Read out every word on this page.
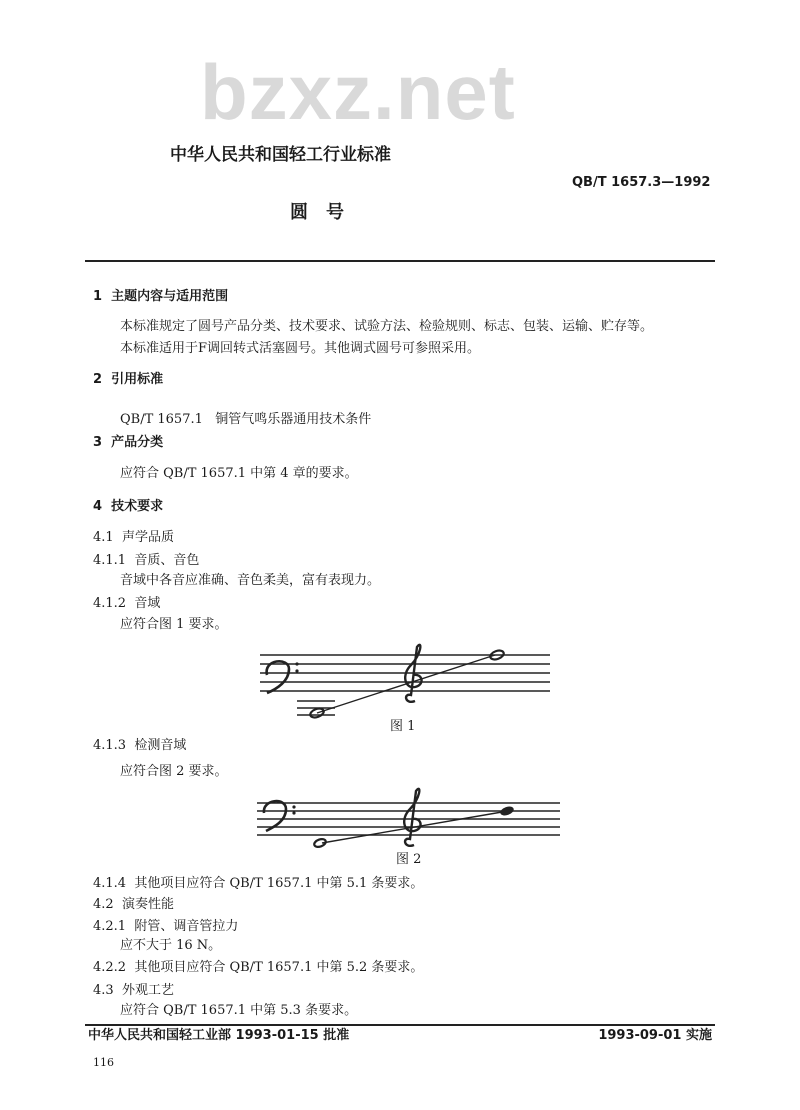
bzxz.net
中华人民共和国轻工行业标准
QB/T 1657.3—1992
圆　号
1 主题内容与适用范围
本标准规定了圆号产品分类、技术要求、试验方法、检验规则、标志、包装、运输、贮存等。
本标准适用于F调回转式活塞圆号。其他调式圆号可参照采用。
2 引用标准
QB/T 1657.1 铜管气鸣乐器通用技术条件
3 产品分类
应符合 QB/T 1657.1 中第 4 章的要求。
4 技术要求
4.1 声学品质
4.1.1 音质、音色
音域中各音应准确、音色柔美，富有表现力。
4.1.2 音域
应符合图 1 要求。
图 1
4.1.3 检测音域
应符合图 2 要求。
图 2
4.1.4 其他项目应符合 QB/T 1657.1 中第 5.1 条要求。
4.2 演奏性能
4.2.1 附管、调音管拉力
应不大于 16 N。
4.2.2 其他项目应符合 QB/T 1657.1 中第 5.2 条要求。
4.3 外观工艺
应符合 QB/T 1657.1 中第 5.3 条要求。
中华人民共和国轻工业部 1993-01-15 批准	1993-09-01 实施
116
